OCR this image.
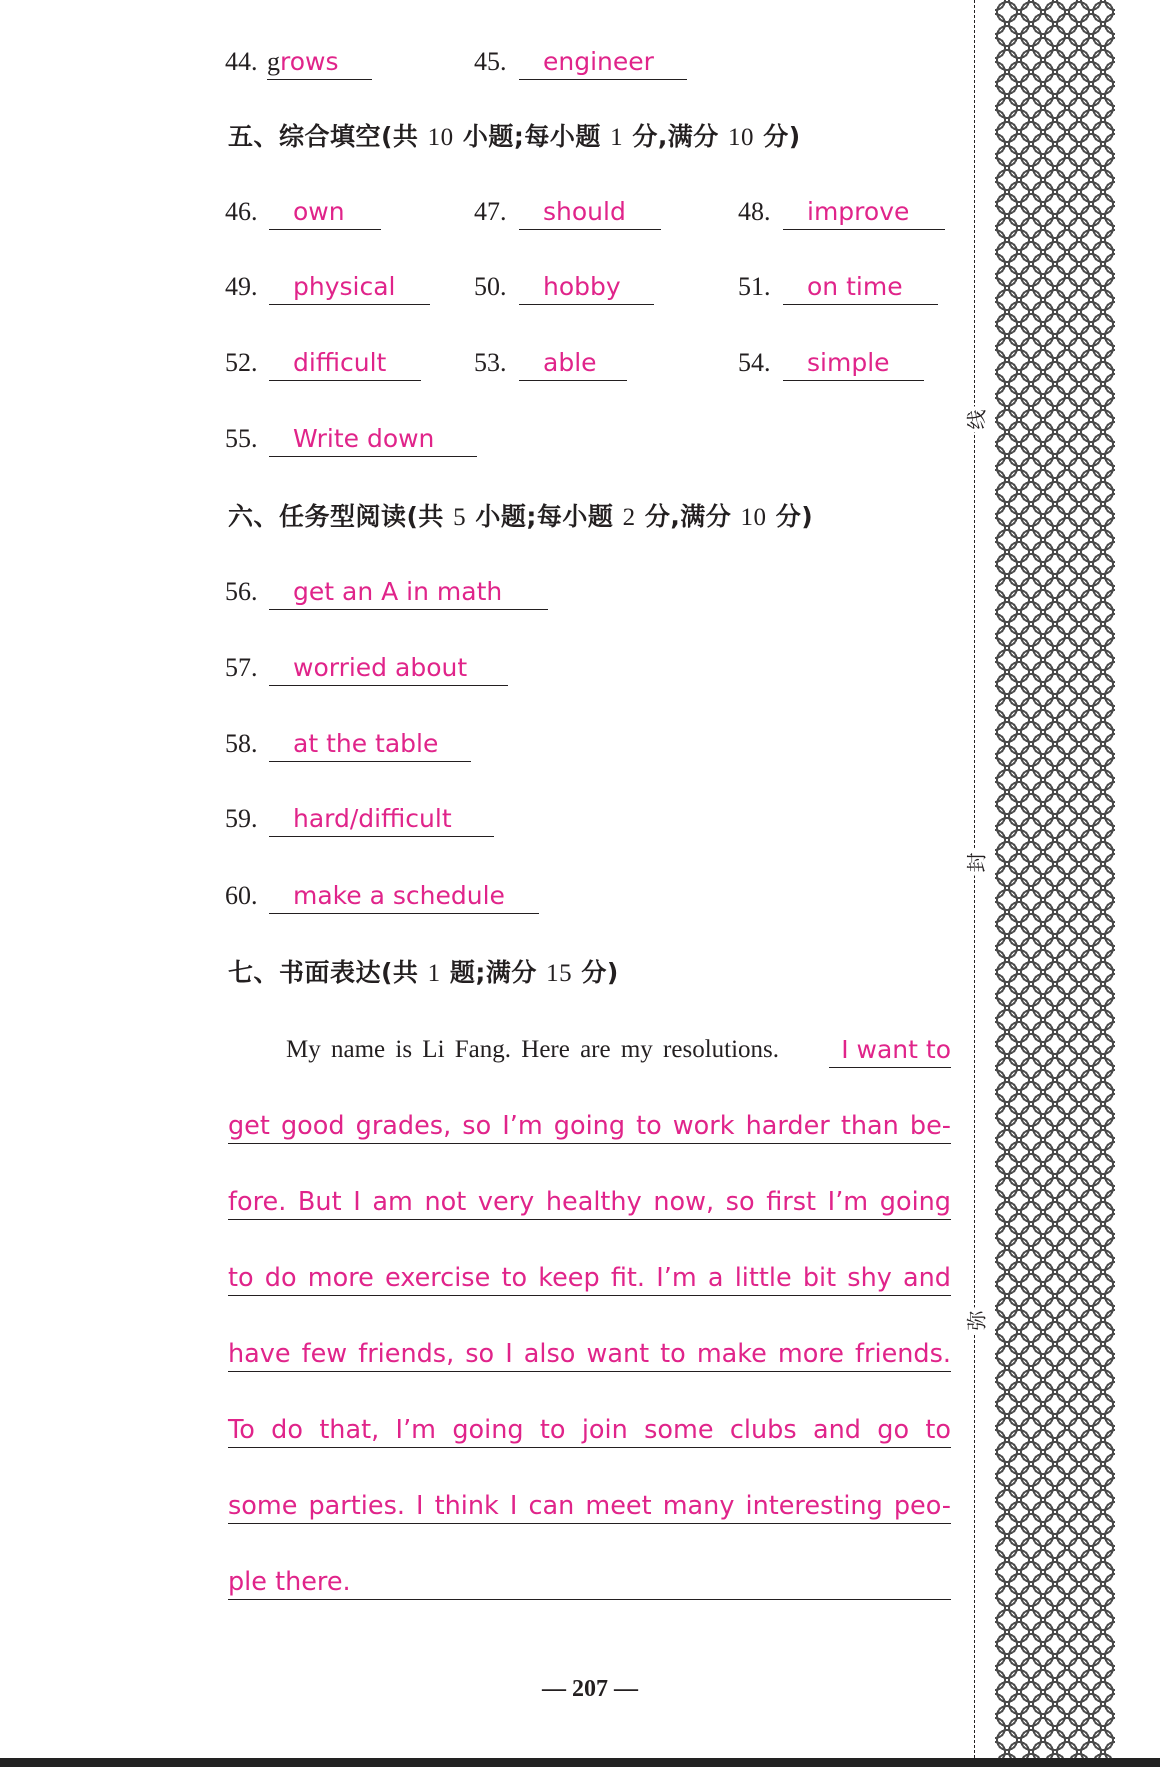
44. g rows	45. engineer
五、综合填空(共 10 小题;每小题 1 分,满分 10 分)
46. own	47. should	48. improve
49. physical	50. hobby	51. on time
52. difficult	53. able	54. simple
55. Write down
六、任务型阅读(共 5 小题;每小题 2 分,满分 10 分)
56. get an A in math
57. worried about
58. at the table
59. hard/difficult
60. make a schedule
七、书面表达(共 1 题;满分 15 分)
My name is Li Fang. Here are my resolutions.	I want to
get good grades, so I’m going to work harder than be-
fore. But I am not very healthy now, so first I’m going
to do more exercise to keep fit. I’m a little bit shy and
have few friends, so I also want to make more friends.
To do that, I’m going to join some clubs and go to
some parties. I think I can meet many interesting peo-
ple there.
线
封
弥
— 207 —
